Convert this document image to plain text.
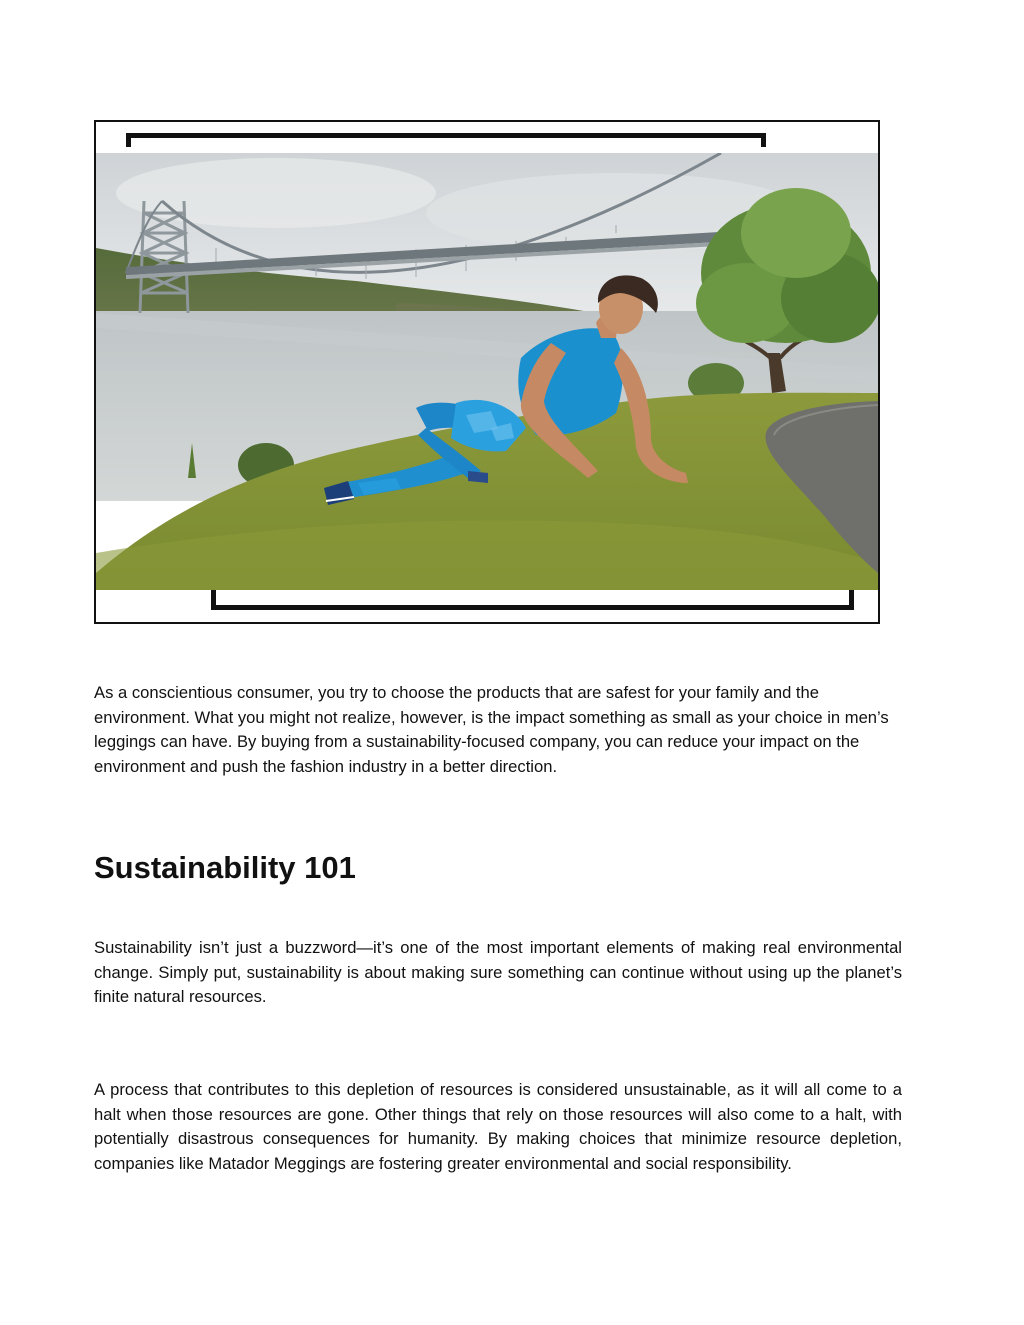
As a conscientious consumer, you try to choose the products that are safest for your family and the environment. What you might not realize, however, is the impact something as small as your choice in men’s leggings can have. By buying from a sustainability-focused company, you can reduce your impact on the environment and push the fashion industry in a better direction.

Sustainability 101

Sustainability isn’t just a buzzword—it’s one of the most important elements of making real environmental change. Simply put, sustainability is about making sure something can continue without using up the planet’s finite natural resources.

A process that contributes to this depletion of resources is considered unsustainable, as it will all come to a halt when those resources are gone. Other things that rely on those resources will also come to a halt, with potentially disastrous consequences for humanity. By making choices that minimize resource depletion, companies like Matador Meggings are fostering greater environmental and social responsibility.
